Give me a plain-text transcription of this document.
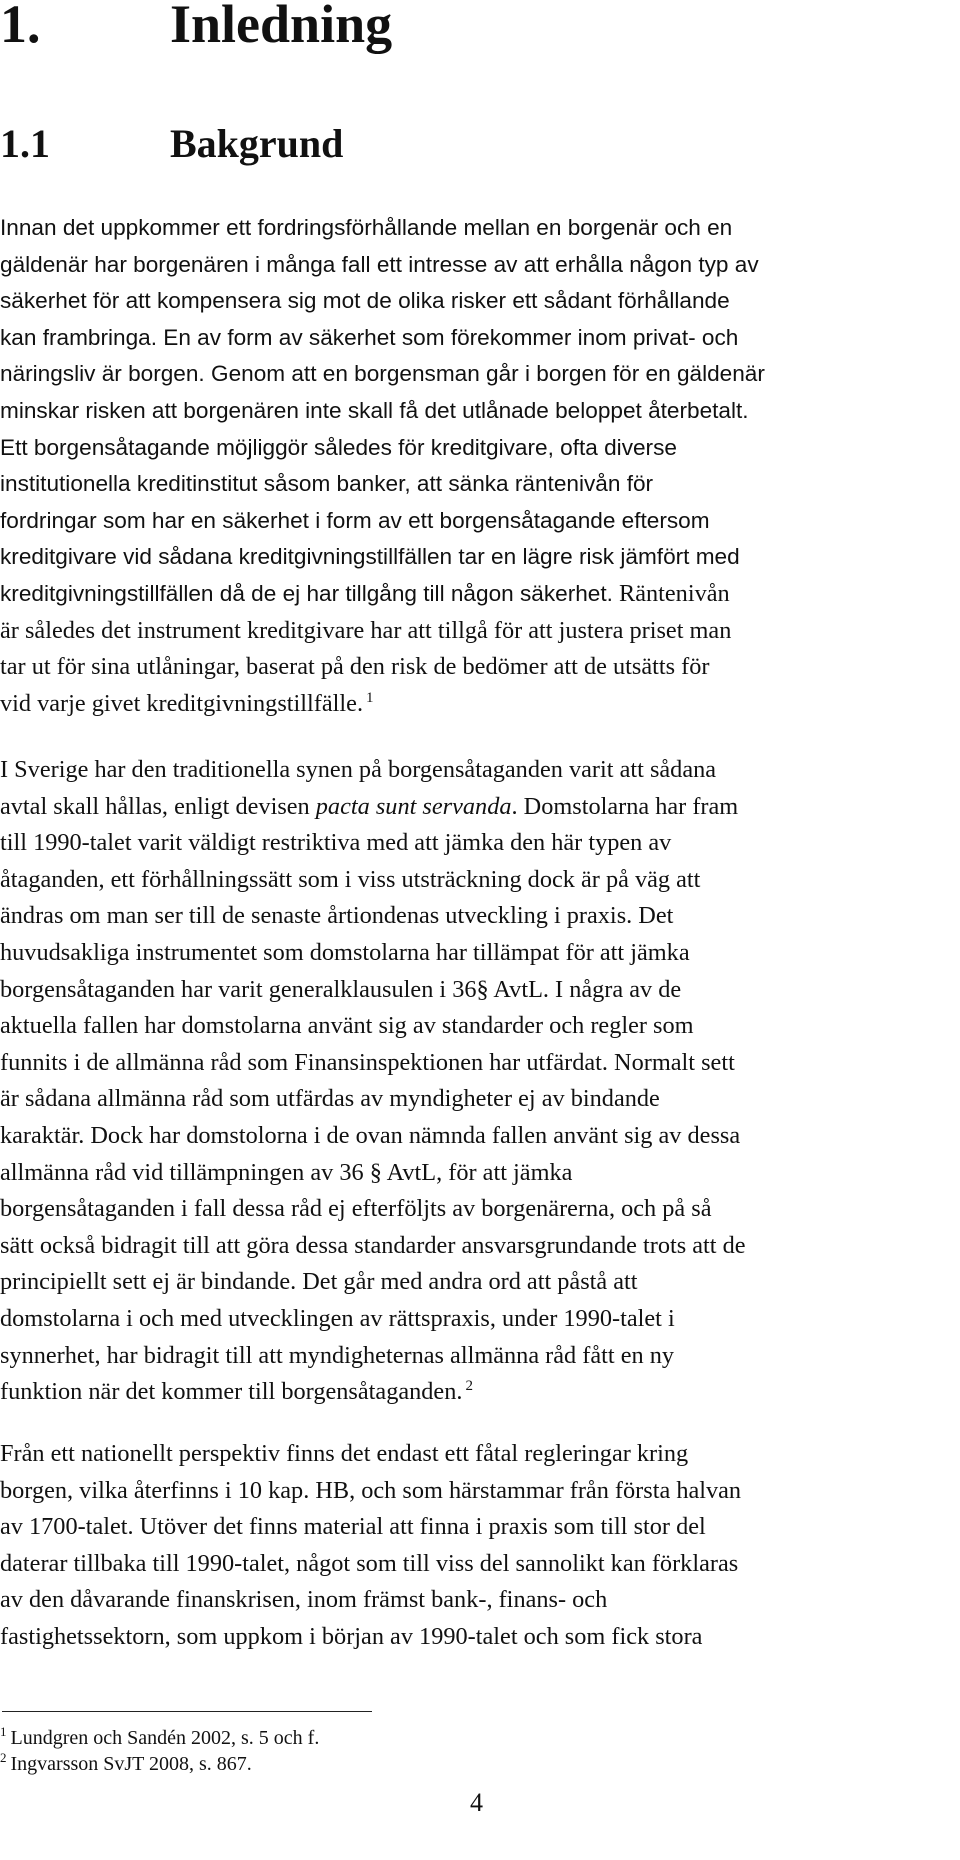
1. Inledning
1.1	Bakgrund

Innan det uppkommer ett fordringsförhållande mellan en borgenär och en
gäldenär har borgenären i många fall ett intresse av att erhålla någon typ av
säkerhet för att kompensera sig mot de olika risker ett sådant förhållande
kan frambringa. En av form av säkerhet som förekommer inom privat- och
näringsliv är borgen. Genom att en borgensman går i borgen för en gäldenär
minskar risken att borgenären inte skall få det utlånade beloppet återbetalt.
Ett borgensåtagande möjliggör således för kreditgivare, ofta diverse
institutionella kreditinstitut såsom banker, att sänka räntenivån för
fordringar som har en säkerhet i form av ett borgensåtagande eftersom
kreditgivare vid sådana kreditgivningstillfällen tar en lägre risk jämfört med
kreditgivningstillfällen då de ej har tillgång till någon säkerhet. Räntenivån
är således det instrument kreditgivare har att tillgå för att justera priset man
tar ut för sina utlåningar, baserat på den risk de bedömer att de utsätts för
vid varje givet kreditgivningstillfälle. $^1$

I Sverige har den traditionella synen på borgensåtaganden varit att sådana
avtal skall hållas, enligt devisen pacta sunt servanda. Domstolarna har fram
till 1990-talet varit väldigt restriktiva med att jämka den här typen av
åtaganden, ett förhållningssätt som i viss utsträckning dock är på väg att
ändras om man ser till de senaste årtiondenas utveckling i praxis. Det
huvudsakliga instrumentet som domstolarna har tillämpat för att jämka
borgensåtaganden har varit generalklausulen i 36§ AvtL. I några av de
aktuella fallen har domstolarna använt sig av standarder och regler som
funnits i de allmänna råd som Finansinspektionen har utfärdat. Normalt sett
är sådana allmänna råd som utfärdas av myndigheter ej av bindande
karaktär. Dock har domstolorna i de ovan nämnda fallen använt sig av dessa
allmänna råd vid tillämpningen av 36 § AvtL, för att jämka
borgensåtaganden i fall dessa råd ej efterföljts av borgenärerna, och på så
sätt också bidragit till att göra dessa standarder ansvarsgrundande trots att de
principiellt sett ej är bindande. Det går med andra ord att påstå att
domstolarna i och med utvecklingen av rättspraxis, under 1990-talet i
synnerhet, har bidragit till att myndigheternas allmänna råd fått en ny
funktion när det kommer till borgensåtaganden. $^2$

Från ett nationellt perspektiv finns det endast ett fåtal regleringar kring
borgen, vilka återfinns i 10 kap. HB, och som härstammar från första halvan
av 1700-talet. Utöver det finns material att finna i praxis som till stor del
daterar tillbaka till 1990-talet, något som till viss del sannolikt kan förklaras
av den dåvarande finanskrisen, inom främst bank-, finans- och
fastighetssektorn, som uppkom i början av 1990-talet och som fick stora

$^1$ Lundgren och Sandén 2002, s. 5 och f.

$^2$ Ingvarsson SvJT 2008, s. 867.

4
